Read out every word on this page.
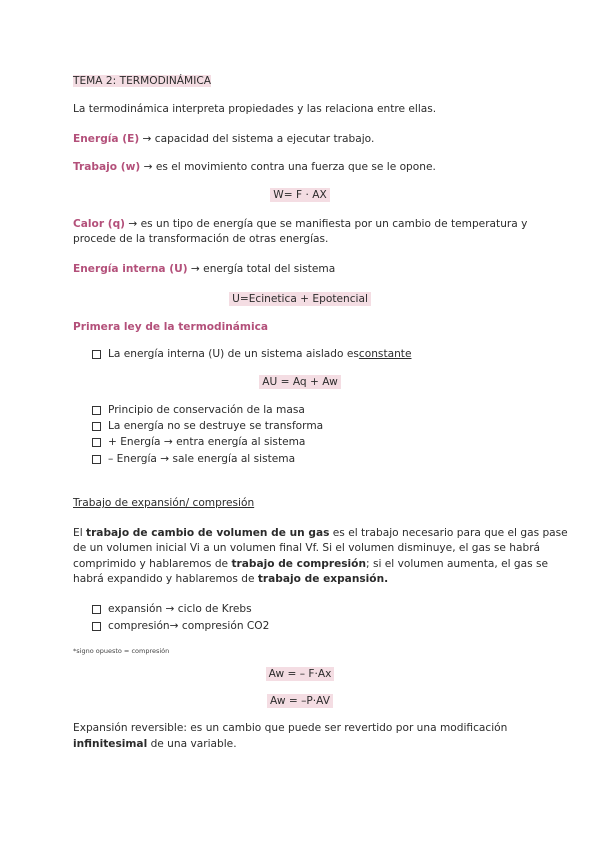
TEMA 2: TERMODINÁMICA
La termodinámica interpreta propiedades y las relaciona entre ellas.
Energía (E) → capacidad del sistema a ejecutar trabajo.
Trabajo (w) → es el movimiento contra una fuerza que se le opone.
W= F · AX
Calor (q) → es un tipo de energía que se manifiesta por un cambio de temperatura y
procede de la transformación de otras energías.
Energía interna (U) → energía total del sistema
U=Ecinetica + Epotencial
Primera ley de la termodinámica
La energía interna (U) de un sistema aislado es constante
AU = Aq + Aw
Principio de conservación de la masa
La energía no se destruye se transforma
+ Energía → entra energía al sistema
– Energía → sale energía al sistema
Trabajo de expansión/ compresión
El trabajo de cambio de volumen de un gas es el trabajo necesario para que el gas pase
de un volumen inicial Vi a un volumen final Vf. Si el volumen disminuye, el gas se habrá
comprimido y hablaremos de trabajo de compresión; si el volumen aumenta, el gas se
habrá expandido y hablaremos de trabajo de expansión.
expansión → ciclo de Krebs
compresión→ compresión CO2
*signo opuesto = compresión
Aw = – F·Ax
Aw = –P·AV
Expansión reversible: es un cambio que puede ser revertido por una modificación
infinitesimal de una variable.
